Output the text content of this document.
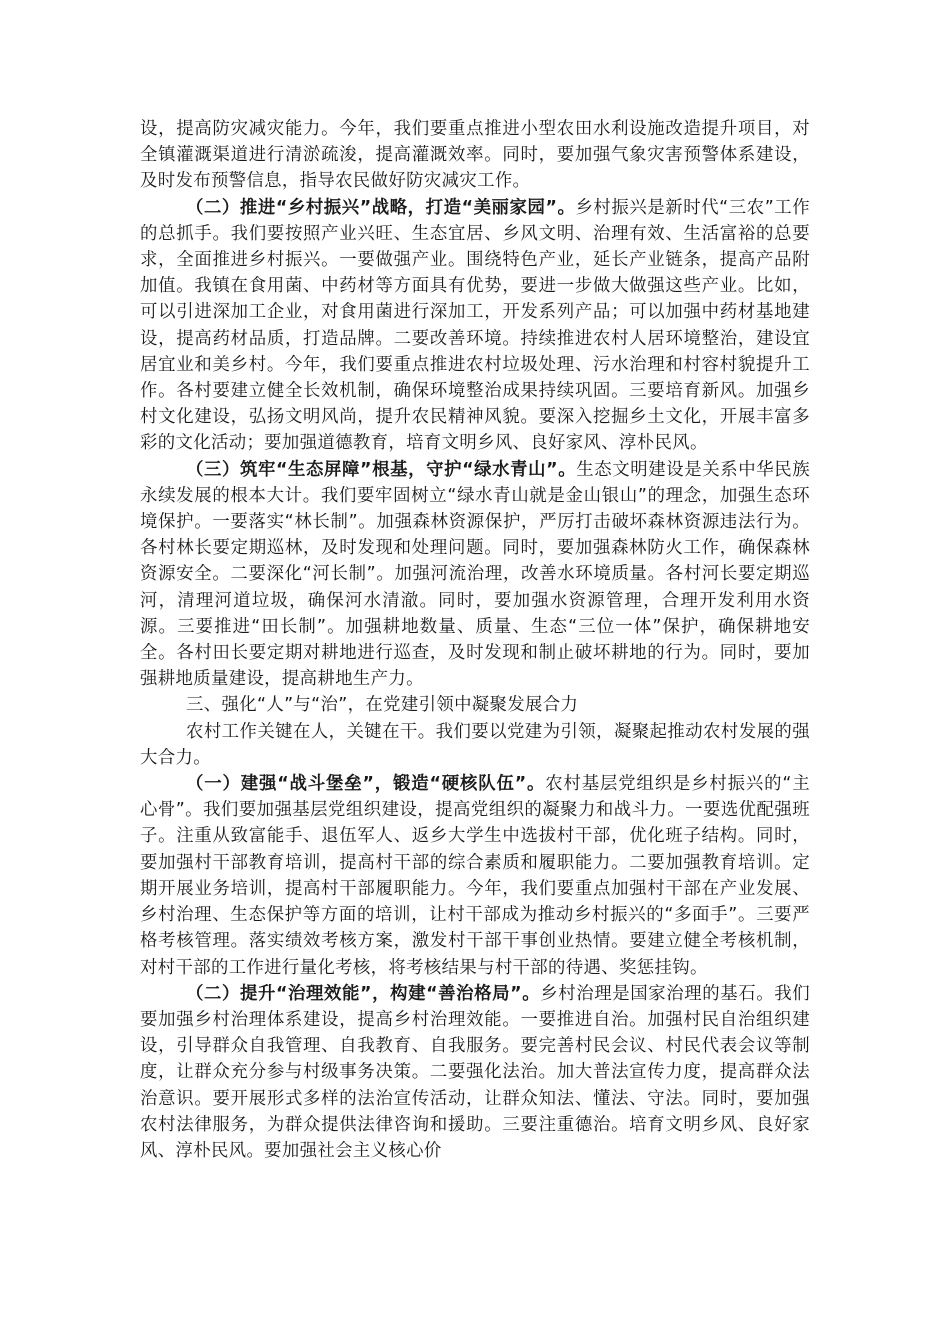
设，提高防灾减灾能力。今年，我们要重点推进小型农田水利设施改造提升项目，对全镇灌溉渠道进行清淤疏浚，提高灌溉效率。同时，要加强气象灾害预警体系建设，及时发布预警信息，指导农民做好防灾减灾工作。

（二）推进“乡村振兴”战略，打造“美丽家园”。乡村振兴是新时代“三农”工作的总抓手。我们要按照产业兴旺、生态宜居、乡风文明、治理有效、生活富裕的总要求，全面推进乡村振兴。一要做强产业。围绕特色产业，延长产业链条，提高产品附加值。我镇在食用菌、中药材等方面具有优势，要进一步做大做强这些产业。比如，可以引进深加工企业，对食用菌进行深加工，开发系列产品；可以加强中药材基地建设，提高药材品质，打造品牌。二要改善环境。持续推进农村人居环境整治，建设宜居宜业和美乡村。今年，我们要重点推进农村垃圾处理、污水治理和村容村貌提升工作。各村要建立健全长效机制，确保环境整治成果持续巩固。三要培育新风。加强乡村文化建设，弘扬文明风尚，提升农民精神风貌。要深入挖掘乡土文化，开展丰富多彩的文化活动；要加强道德教育，培育文明乡风、良好家风、淳朴民风。

（三）筑牢“生态屏障”根基，守护“绿水青山”。生态文明建设是关系中华民族永续发展的根本大计。我们要牢固树立“绿水青山就是金山银山”的理念，加强生态环境保护。一要落实“林长制”。加强森林资源保护，严厉打击破坏森林资源违法行为。各村林长要定期巡林，及时发现和处理问题。同时，要加强森林防火工作，确保森林资源安全。二要深化“河长制”。加强河流治理，改善水环境质量。各村河长要定期巡河，清理河道垃圾，确保河水清澈。同时，要加强水资源管理，合理开发利用水资源。三要推进“田长制”。加强耕地数量、质量、生态“三位一体”保护，确保耕地安全。各村田长要定期对耕地进行巡查，及时发现和制止破坏耕地的行为。同时，要加强耕地质量建设，提高耕地生产力。

三、强化“人”与“治”，在党建引领中凝聚发展合力

农村工作关键在人，关键在干。我们要以党建为引领，凝聚起推动农村发展的强大合力。

（一）建强“战斗堡垒”，锻造“硬核队伍”。农村基层党组织是乡村振兴的“主心骨”。我们要加强基层党组织建设，提高党组织的凝聚力和战斗力。一要选优配强班子。注重从致富能手、退伍军人、返乡大学生中选拔村干部，优化班子结构。同时，要加强村干部教育培训，提高村干部的综合素质和履职能力。二要加强教育培训。定期开展业务培训，提高村干部履职能力。今年，我们要重点加强村干部在产业发展、乡村治理、生态保护等方面的培训，让村干部成为推动乡村振兴的“多面手”。三要严格考核管理。落实绩效考核方案，激发村干部干事创业热情。要建立健全考核机制，对村干部的工作进行量化考核，将考核结果与村干部的待遇、奖惩挂钩。

（二）提升“治理效能”，构建“善治格局”。乡村治理是国家治理的基石。我们要加强乡村治理体系建设，提高乡村治理效能。一要推进自治。加强村民自治组织建设，引导群众自我管理、自我教育、自我服务。要完善村民会议、村民代表会议等制度，让群众充分参与村级事务决策。二要强化法治。加大普法宣传力度，提高群众法治意识。要开展形式多样的法治宣传活动，让群众知法、懂法、守法。同时，要加强农村法律服务，为群众提供法律咨询和援助。三要注重德治。培育文明乡风、良好家风、淳朴民风。要加强社会主义核心价
